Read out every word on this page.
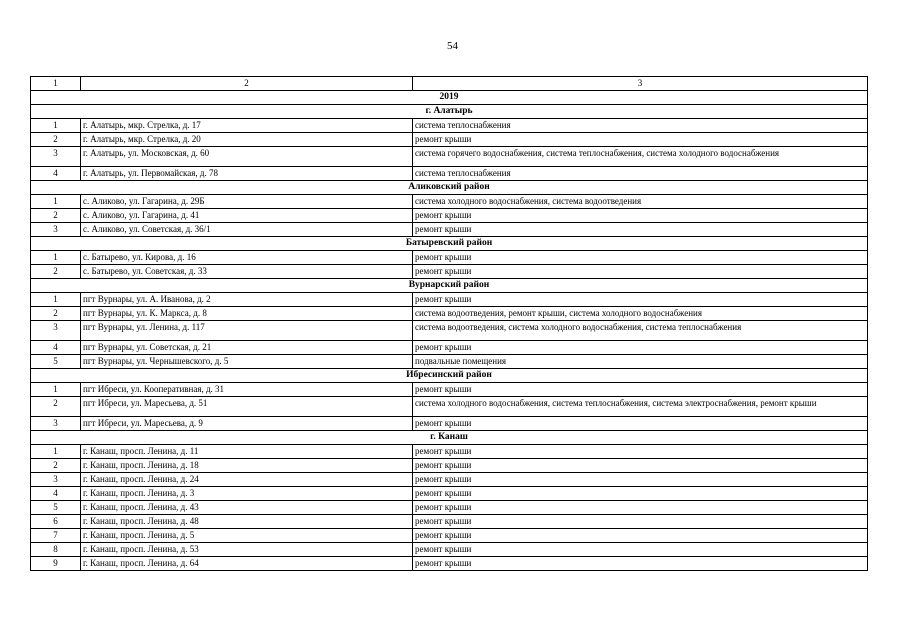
54
1	2	3
2019		
г. Алатырь		
1	г. Алатырь, мкр. Стрелка, д. 17	система теплоснабжения
2	г. Алатырь, мкр. Стрелка, д. 20	ремонт крыши
3	г. Алатырь, ул. Московская, д. 60	система горячего водоснабжения, система теплоснабжения, система холодного водоснабжения
4	г. Алатырь, ул. Первомайская, д. 78	система теплоснабжения
Аликовский район		
1	с. Аликово, ул. Гагарина, д. 29Б	система холодного водоснабжения, система водоотведения
2	с. Аликово, ул. Гагарина, д. 41	ремонт крыши
3	с. Аликово, ул. Советская, д. 36/1	ремонт крыши
Батыревский район		
1	с. Батырево, ул. Кирова, д. 16	ремонт крыши
2	с. Батырево, ул. Советская, д. 33	ремонт крыши
Вурнарский район		
1	пгт Вурнары, ул. А. Иванова, д. 2	ремонт крыши
2	пгт Вурнары, ул. К. Маркса, д. 8	система водоотведения, ремонт крыши, система холодного водоснабжения
3	пгт Вурнары, ул. Ленина, д. 117	система водоотведения, система холодного водоснабжения, система теплоснабжения
4	пгт Вурнары, ул. Советская, д. 21	ремонт крыши
5	пгт Вурнары, ул. Чернышевского, д. 5	подвальные помещения
Ибресинский район		
1	пгт Ибреси, ул. Кооперативная, д. 31	ремонт крыши
2	пгт Ибреси, ул. Маресьева, д. 51	система холодного водоснабжения, система теплоснабжения, система электроснабжения, ремонт крыши
3	пгт Ибреси, ул. Маресьева, д. 9	ремонт крыши
г. Канаш		
1	г. Канаш, просп. Ленина, д. 11	ремонт крыши
2	г. Канаш, просп. Ленина, д. 18	ремонт крыши
3	г. Канаш, просп. Ленина, д. 24	ремонт крыши
4	г. Канаш, просп. Ленина, д. 3	ремонт крыши
5	г. Канаш, просп. Ленина, д. 43	ремонт крыши
6	г. Канаш, просп. Ленина, д. 48	ремонт крыши
7	г. Канаш, просп. Ленина, д. 5	ремонт крыши
8	г. Канаш, просп. Ленина, д. 53	ремонт крыши
9	г. Канаш, просп. Ленина, д. 64	ремонт крыши
